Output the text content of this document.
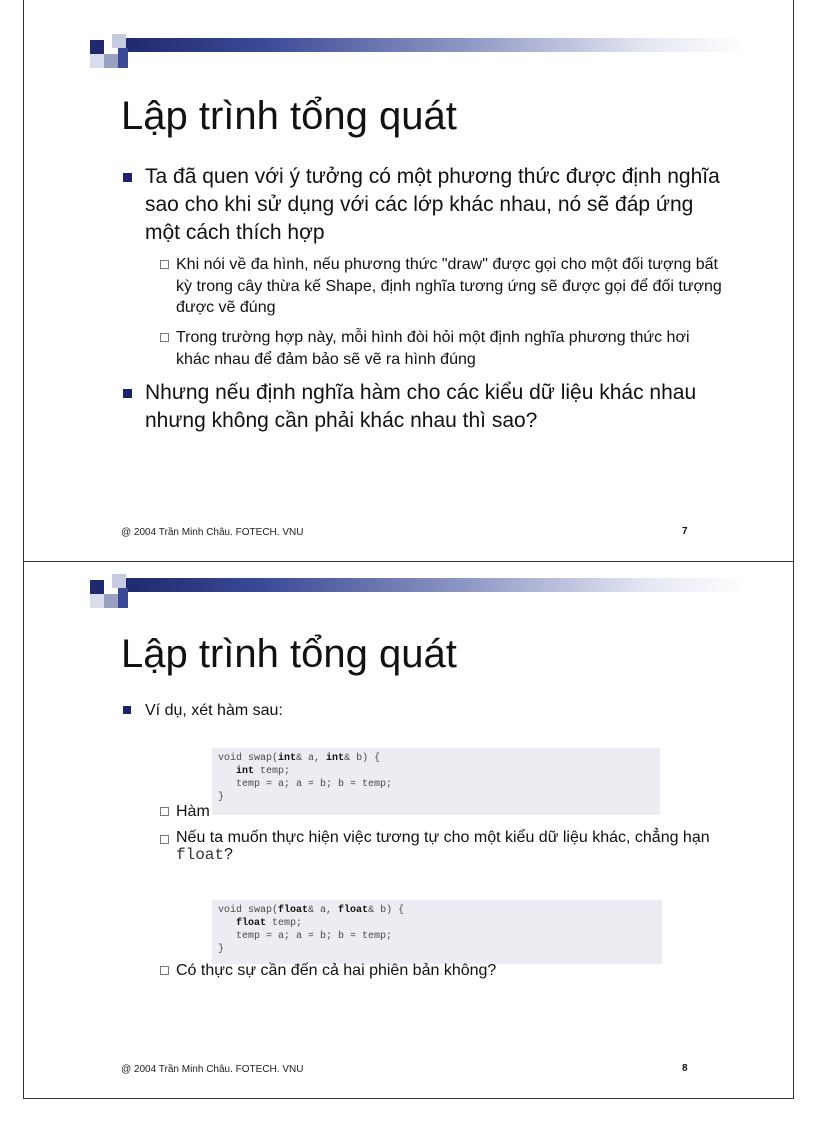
Lập trình tổng quát
Ta đã quen với ý tưởng có một phương thức được định nghĩa sao cho khi sử dụng với các lớp khác nhau, nó sẽ đáp ứng một cách thích hợp
Khi nói về đa hình, nếu phương thức "draw" được gọi cho một đối tượng bất kỳ trong cây thừa kế Shape, định nghĩa tương ứng sẽ được gọi để đối tượng được vẽ đúng
Trong trường hợp này, mỗi hình đòi hỏi một định nghĩa phương thức hơi khác nhau để đảm bảo sẽ vẽ ra hình đúng
Nhưng nếu định nghĩa hàm cho các kiểu dữ liệu khác nhau nhưng không cần phải khác nhau thì sao?
@ 2004 Trần Minh Châu. FOTECH. VNU	7
Lập trình tổng quát
Ví dụ, xét hàm sau:
void swap(int& a, int& b) {
int temp;
temp = a; a = b; b = temp;
}
Hàm
Nếu ta muốn thực hiện việc tương tự cho một kiểu dữ liệu khác, chẳng hạn float?
void swap(float& a, float& b) {
float temp;
temp = a; a = b; b = temp;
}
Có thực sự cần đến cả hai phiên bản không?
@ 2004 Trần Minh Châu. FOTECH. VNU	8
